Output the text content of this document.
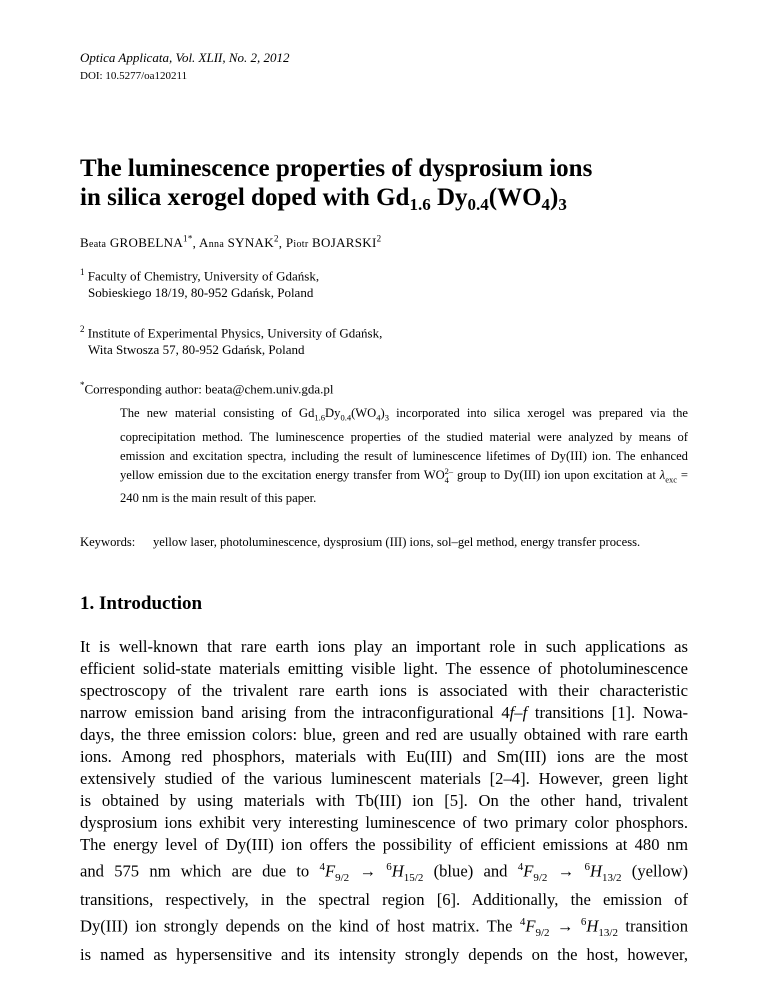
Optica Applicata, Vol. XLII, No. 2, 2012
DOI: 10.5277/oa120211
The luminescence properties of dysprosium ions
in silica xerogel doped with $Gd_{1.6}$ $Dy_{0.4}(WO_4)_3$
Beata $GROBELNA^{1*}$, Anna SYNAK$^2$, Piotr BOJARSKI$^2$
$^1$ Faculty of Chemistry, University of Gdańsk,
Sobieskiego 18/19, 80-952 Gdańsk, Poland
$^2$ Institute of Experimental Physics, University of Gdańsk,
Wita Stwosza 57, 80-952 Gdańsk, Poland
*Corresponding author: beata@chem.univ.gda.pl

The new material consisting of $Gd_{1.6}Dy_{0.4}(WO_4)_3$ incorporated into silica xerogel was prepared via the coprecipitation method. The luminescence properties of the studied material were analyzed by means of emission and excitation spectra, including the result of luminescence lifetimes of Dy(III) ion. The enhanced yellow emission due to the excitation energy transfer from WO2–
4 group to Dy(III) ion upon excitation at $\lambda_{exc} = 240$ nm is the main result of this paper.

Keywords: yellow laser, photoluminescence, dysprosium (III) ions, sol–gel method, energy transfer process.
1. Introduction
It is well-known that rare earth ions play an important role in such applications as
efficient solid-state materials emitting visible light. The essence of photoluminescence
spectroscopy of the trivalent rare earth ions is associated with their characteristic
narrow emission band arising from the intraconfigurational 4f–f transitions [1]. Nowa-
days, the three emission colors: blue, green and red are usually obtained with rare earth
ions. Among red phosphors, materials with Eu(III) and Sm(III) ions are the most
extensively studied of the various luminescent materials [2–4]. However, green light
is obtained by using materials with Tb(III) ion [5]. On the other hand, trivalent
dysprosium ions exhibit very interesting luminescence of two primary color phosphors.
The energy level of Dy(III) ion offers the possibility of efficient emissions at 480 nm
and 575 nm which are due to $^4F_{9/2} \to ^6H_{15/2}$ (blue) and $^4F_{9/2} \to ^6H_{13/2}$ (yellow)
transitions, respectively, in the spectral region [6]. Additionally, the emission of
Dy(III) ion strongly depends on the kind of host matrix. The $^4F_{9/2} \to ^6H_{13/2}$ transition
is named as hypersensitive and its intensity strongly depends on the host, however,
